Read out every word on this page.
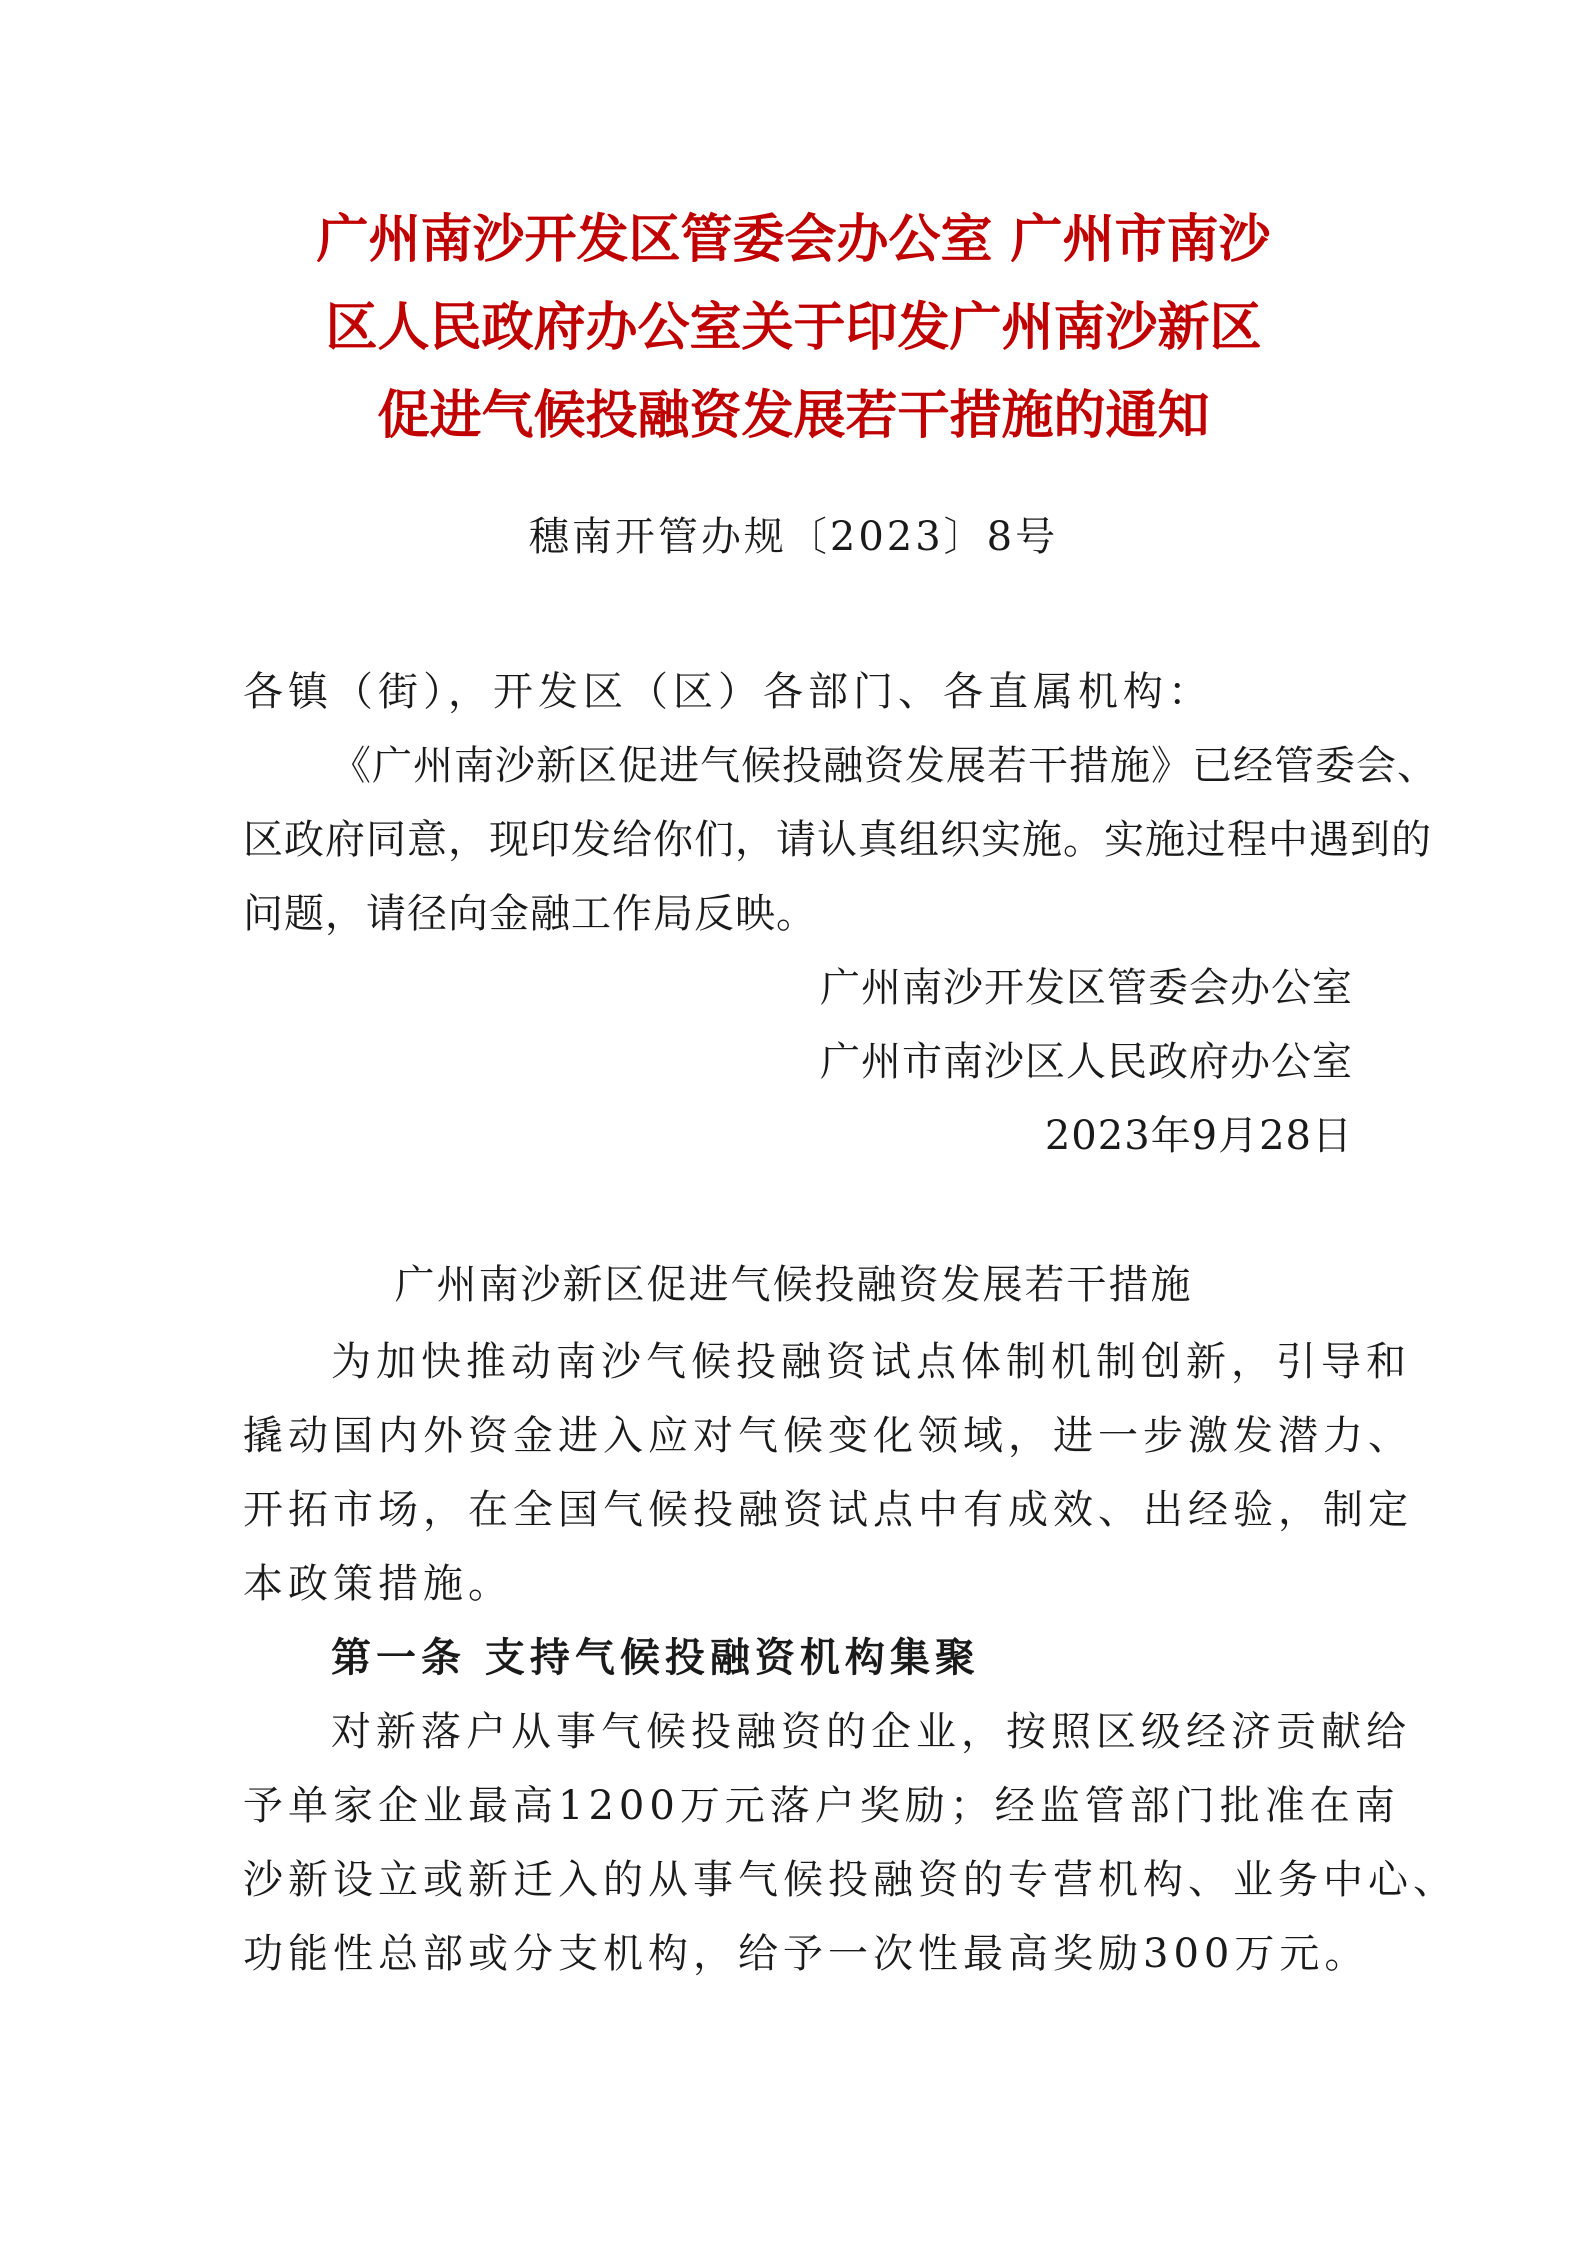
广州南沙开发区管委会办公室 广州市南沙
区人民政府办公室关于印发广州南沙新区
促进气候投融资发展若干措施的通知
穗南开管办规〔2023〕8号
各镇（街），开发区（区）各部门、各直属机构：
《广州南沙新区促进气候投融资发展若干措施》已经管委会、
区政府同意，现印发给你们，请认真组织实施。实施过程中遇到的
问题，请径向金融工作局反映。
广州南沙开发区管委会办公室
广州市南沙区人民政府办公室
2023年9月28日
广州南沙新区促进气候投融资发展若干措施
为加快推动南沙气候投融资试点体制机制创新，引导和
撬动国内外资金进入应对气候变化领域，进一步激发潜力、
开拓市场，在全国气候投融资试点中有成效、出经验，制定
本政策措施。
第一条 支持气候投融资机构集聚
对新落户从事气候投融资的企业，按照区级经济贡献给
予单家企业最高1200万元落户奖励；经监管部门批准在南
沙新设立或新迁入的从事气候投融资的专营机构、业务中心、
功能性总部或分支机构，给予一次性最高奖励300万元。
